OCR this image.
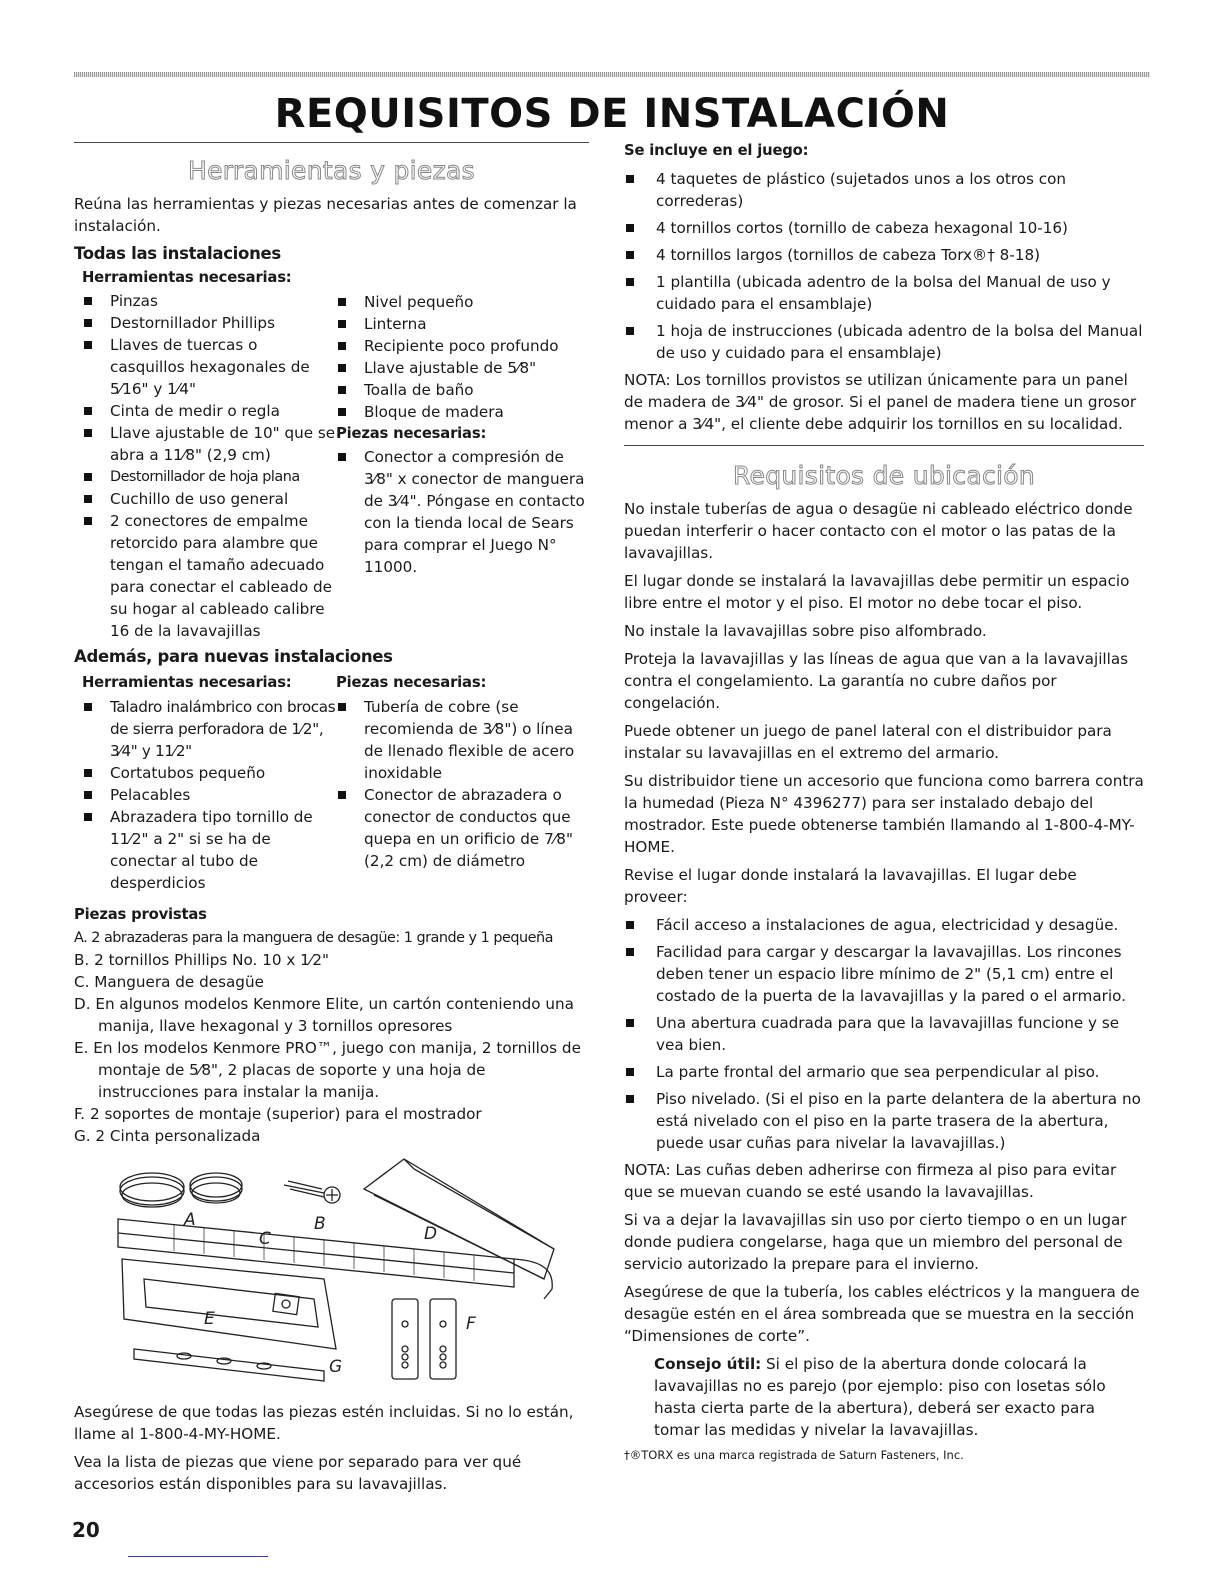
REQUISITOS DE INSTALACIÓN
Herramientas y piezas

Reúna las herramientas y piezas necesarias antes de comenzar la instalación.

Todas las instalaciones
Herramientas necesarias:
Pinzas
Destornillador Phillips
Llaves de tuercas o casquillos hexagonales de 5⁄16" y 1⁄4"
Cinta de medir o regla
Llave ajustable de 10" que se abra a 11⁄8" (2,9 cm)
Destornillador de hoja plana
Cuchillo de uso general
2 conectores de empalme retorcido para alambre que tengan el tamaño adecuado para conectar el cableado de su hogar al cableado calibre 16 de la lavavajillas
Nivel pequeño
Linterna
Recipiente poco profundo
Llave ajustable de 5⁄8"
Toalla de baño
Bloque de madera
Piezas necesarias:
Conector a compresión de 3⁄8" x conector de manguera de 3⁄4". Póngase en contacto con la tienda local de Sears para comprar el Juego N° 11000.
Además, para nuevas instalaciones
Herramientas necesarias:
Taladro inalámbrico con brocas de sierra perforadora de 1⁄2", 3⁄4" y 11⁄2"
Cortatubos pequeño
Pelacables
Abrazadera tipo tornillo de 11⁄2" a 2" si se ha de conectar al tubo de desperdicios
Piezas necesarias:
Tubería de cobre (se recomienda de 3⁄8") o línea de llenado flexible de acero inoxidable
Conector de abrazadera o conector de conductos que quepa en un orificio de 7⁄8" (2,2 cm) de diámetro
Piezas provistas
A. 2 abrazaderas para la manguera de desagüe: 1 grande y 1 pequeña
B. 2 tornillos Phillips No. 10 x 1⁄2"
C. Manguera de desagüe
D. En algunos modelos Kenmore Elite, un cartón conteniendo una manija, llave hexagonal y 3 tornillos opresores
E. En los modelos Kenmore PRO™, juego con manija, 2 tornillos de montaje de 5⁄8", 2 placas de soporte y una hoja de instrucciones para instalar la manija.
F. 2 soportes de montaje (superior) para el mostrador
G. 2 Cinta personalizada
A
C
B	D
E	F
G

Asegúrese de que todas las piezas estén incluidas. Si no lo están, llame al 1-800-4-MY-HOME.

Vea la lista de piezas que viene por separado para ver qué accesorios están disponibles para su lavavajillas.

Se incluye en el juego:
4 taquetes de plástico (sujetados unos a los otros con correderas)
4 tornillos cortos (tornillo de cabeza hexagonal 10-16)
4 tornillos largos (tornillos de cabeza Torx®† 8-18)
1 plantilla (ubicada adentro de la bolsa del Manual de uso y cuidado para el ensamblaje)
1 hoja de instrucciones (ubicada adentro de la bolsa del Manual de uso y cuidado para el ensamblaje)

NOTA: Los tornillos provistos se utilizan únicamente para un panel de madera de 3⁄4" de grosor. Si el panel de madera tiene un grosor menor a 3⁄4", el cliente debe adquirir los tornillos en su localidad.

Requisitos de ubicación

No instale tuberías de agua o desagüe ni cableado eléctrico donde puedan interferir o hacer contacto con el motor o las patas de la lavavajillas.

El lugar donde se instalará la lavavajillas debe permitir un espacio libre entre el motor y el piso. El motor no debe tocar el piso.

No instale la lavavajillas sobre piso alfombrado.

Proteja la lavavajillas y las líneas de agua que van a la lavavajillas contra el congelamiento. La garantía no cubre daños por congelación.

Puede obtener un juego de panel lateral con el distribuidor para instalar su lavavajillas en el extremo del armario.

Su distribuidor tiene un accesorio que funciona como barrera contra la humedad (Pieza N° 4396277) para ser instalado debajo del mostrador. Este puede obtenerse también llamando al 1-800-4-MY-HOME.

Revise el lugar donde instalará la lavavajillas. El lugar debe proveer:

Fácil acceso a instalaciones de agua, electricidad y desagüe.
Facilidad para cargar y descargar la lavavajillas. Los rincones deben tener un espacio libre mínimo de 2" (5,1 cm) entre el costado de la puerta de la lavavajillas y la pared o el armario.
Una abertura cuadrada para que la lavavajillas funcione y se vea bien.
La parte frontal del armario que sea perpendicular al piso.
Piso nivelado. (Si el piso en la parte delantera de la abertura no está nivelado con el piso en la parte trasera de la abertura, puede usar cuñas para nivelar la lavavajillas.)

NOTA: Las cuñas deben adherirse con firmeza al piso para evitar que se muevan cuando se esté usando la lavavajillas.

Si va a dejar la lavavajillas sin uso por cierto tiempo o en un lugar donde pudiera congelarse, haga que un miembro del personal de servicio autorizado la prepare para el invierno.

Asegúrese de que la tubería, los cables eléctricos y la manguera de desagüe estén en el área sombreada que se muestra en la sección “Dimensiones de corte”.

Consejo útil: Si el piso de la abertura donde colocará la lavavajillas no es parejo (por ejemplo: piso con losetas sólo hasta cierta parte de la abertura), deberá ser exacto para tomar las medidas y nivelar la lavavajillas.

†®TORX es una marca registrada de Saturn Fasteners, Inc.
20
